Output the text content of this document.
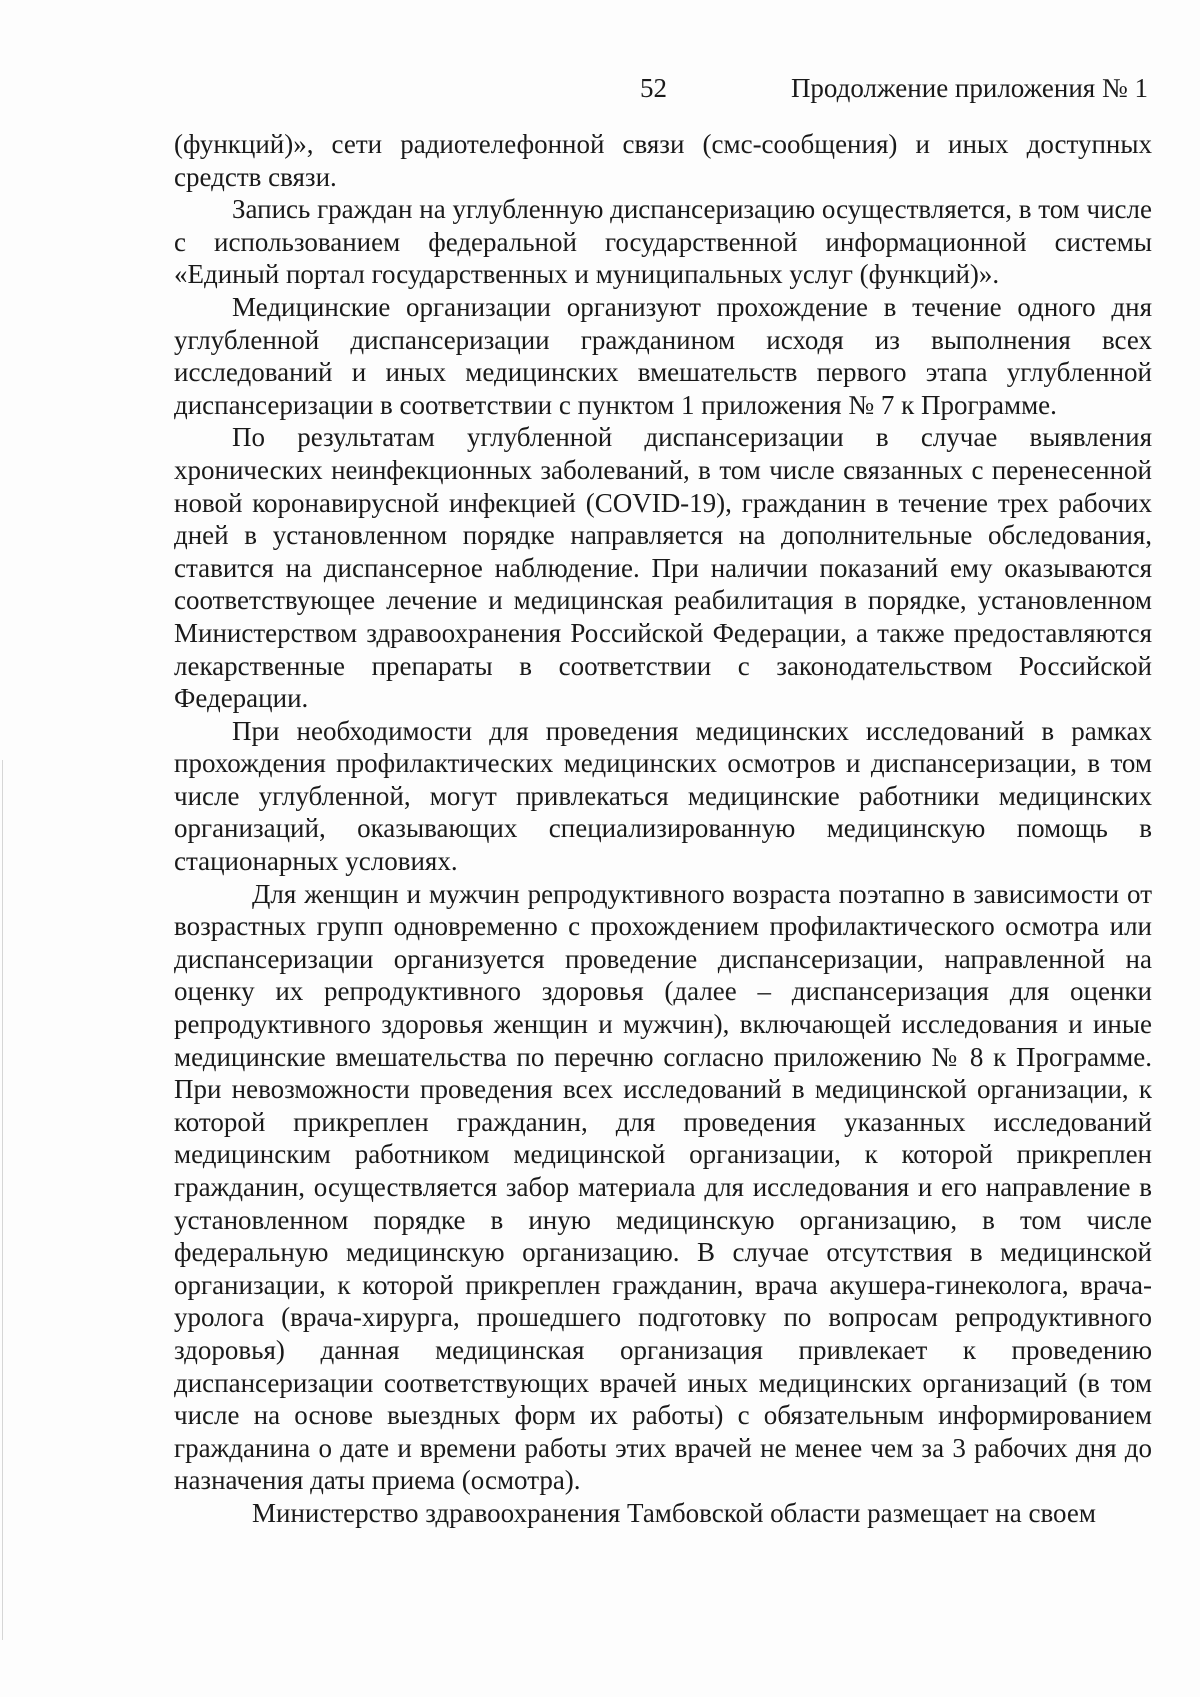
52	Продолжение приложения № 1

(функций)», сети радиотелефонной связи (смс-сообщения) и иных доступных средств связи.

Запись граждан на углубленную диспансеризацию осуществляется, в том числе с использованием федеральной государственной информационной системы «Единый портал государственных и муниципальных услуг (функций)».

Медицинские организации организуют прохождение в течение одного дня углубленной диспансеризации гражданином исходя из выполнения всех исследований и иных медицинских вмешательств первого этапа углубленной диспансеризации в соответствии с пунктом 1 приложения № 7 к Программе.

По результатам углубленной диспансеризации в случае выявления хронических неинфекционных заболеваний, в том числе связанных с перенесенной новой коронавирусной инфекцией (COVID-19), гражданин в течение трех рабочих дней в установленном порядке направляется на дополнительные обследования, ставится на диспансерное наблюдение. При наличии показаний ему оказываются соответствующее лечение и медицинская реабилитация в порядке, установленном Министерством здравоохранения Российской Федерации, а также предоставляются лекарственные препараты в соответствии с законодательством Российской Федерации.

При необходимости для проведения медицинских исследований в рамках прохождения профилактических медицинских осмотров и диспансеризации, в том числе углубленной, могут привлекаться медицинские работники медицинских организаций, оказывающих специализированную медицинскую помощь в стационарных условиях.

Для женщин и мужчин репродуктивного возраста поэтапно в зависимости от возрастных групп одновременно с прохождением профилактического осмотра или диспансеризации организуется проведение диспансеризации, направленной на оценку их репродуктивного здоровья (далее – диспансеризация для оценки репродуктивного здоровья женщин и мужчин), включающей исследования и иные медицинские вмешательства по перечню согласно приложению № 8 к Программе. При невозможности проведения всех исследований в медицинской организации, к которой прикреплен гражданин, для проведения указанных исследований медицинским работником медицинской организации, к которой прикреплен гражданин, осуществляется забор материала для исследования и его направление в установленном порядке в иную медицинскую организацию, в том числе федеральную медицинскую организацию. В случае отсутствия в медицинской организации, к которой прикреплен гражданин, врача акушера-гинеколога, врача-уролога (врача-хирурга, прошедшего подготовку по вопросам репродуктивного здоровья) данная медицинская организация привлекает к проведению диспансеризации соответствующих врачей иных медицинских организаций (в том числе на основе выездных форм их работы) с обязательным информированием гражданина о дате и времени работы этих врачей не менее чем за 3 рабочих дня до назначения даты приема (осмотра).

Министерство здравоохранения Тамбовской области размещает на своем
